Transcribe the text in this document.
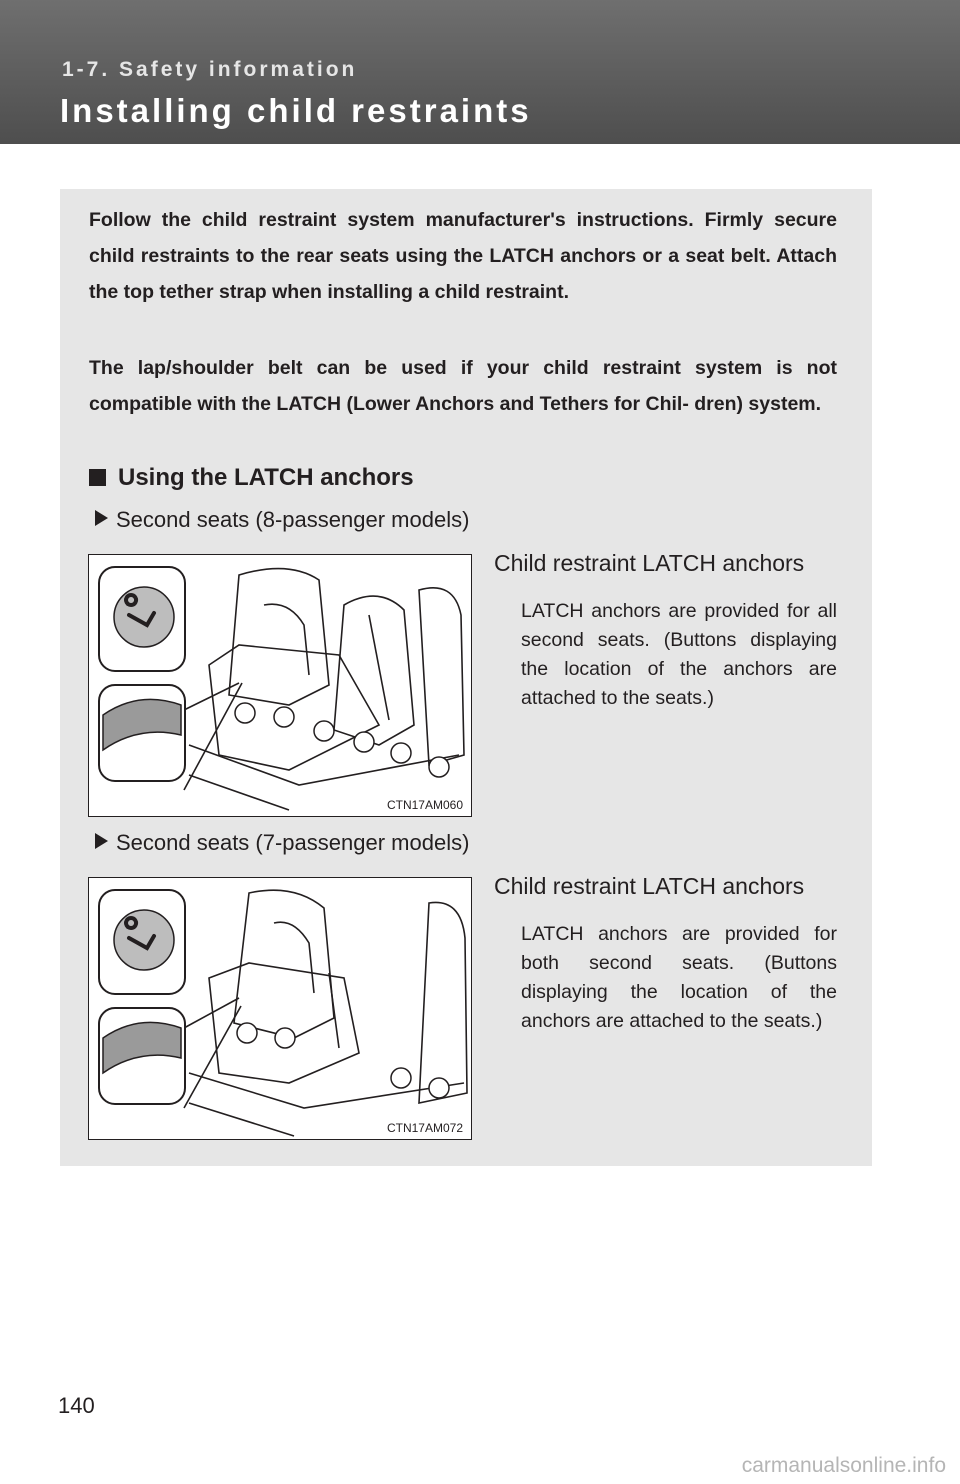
1-7. Safety information
Installing child restraints

Follow the child restraint system manufacturer's instructions. Firmly secure child restraints to the rear seats using the LATCH anchors or a seat belt. Attach the top tether strap when installing a child restraint.

The lap/shoulder belt can be used if your child restraint system is not compatible with the LATCH (Lower Anchors and Tethers for Chil- dren) system.

Using the LATCH anchors
Second seats (8-passenger models)
CTN17AM060
Child restraint LATCH anchors

LATCH anchors are provided for all second seats. (Buttons displaying the location of the anchors are attached to the seats.)

Second seats (7-passenger models)
CTN17AM072
Child restraint LATCH anchors

LATCH anchors are provided for both second seats. (Buttons displaying the location of the anchors are attached to the seats.)

140
carmanualsonline.info
